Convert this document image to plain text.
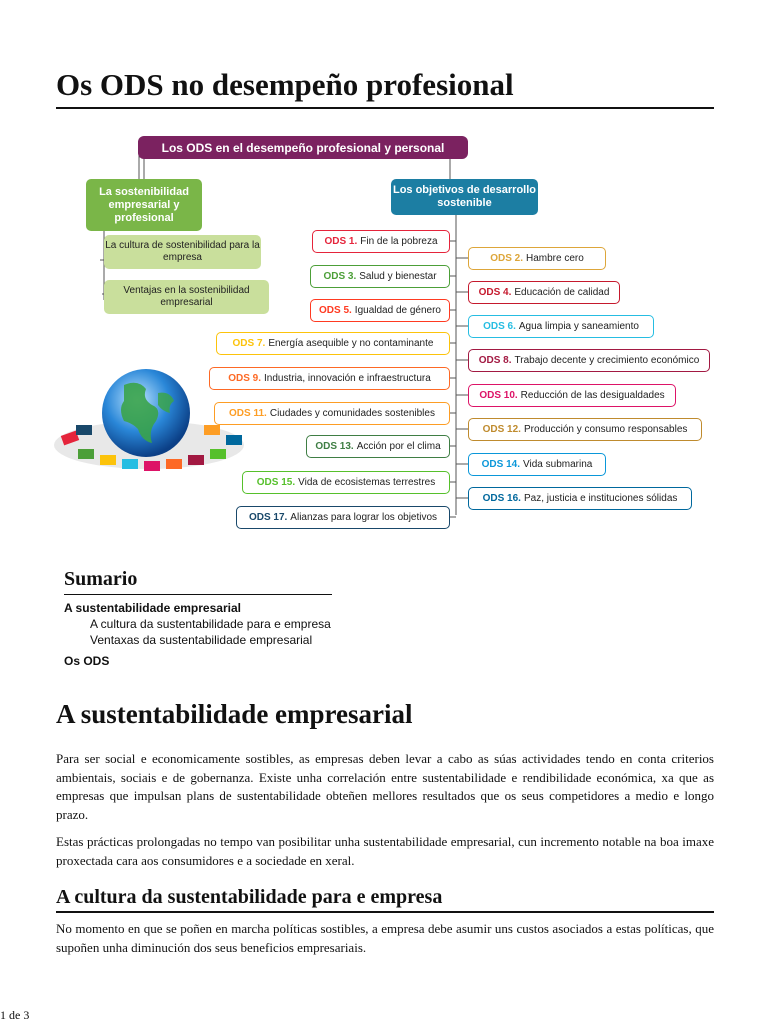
Os ODS no desempeño profesional
Los ODS en el desempeño profesional y personal
La sostenibilidad empresarial y profesional
La cultura de sostenibilidad para la empresa
Ventajas en la sostenibilidad empresarial
Los objetivos de desarrollo sostenible
ODS 1. Fin de la pobreza
ODS 2. Hambre cero
ODS 3. Salud y bienestar
ODS 4. Educación de calidad
ODS 5. Igualdad de género
ODS 6. Agua limpia y saneamiento
ODS 7. Energía asequible y no contaminante
ODS 8. Trabajo decente y crecimiento económico
ODS 9. Industria, innovación e infraestructura
ODS 10. Reducción de las desigualdades
ODS 11. Ciudades y comunidades sostenibles
ODS 12. Producción y consumo responsables
ODS 13. Acción por el clima
ODS 14. Vida submarina
ODS 15. Vida de ecosistemas terrestres
ODS 16. Paz, justicia e instituciones sólidas
ODS 17. Alianzas para lograr los objetivos
Sumario
A sustentabilidade empresarial
A cultura da sustentabilidade para e empresa
Ventaxas da sustentabilidade empresarial
Os ODS
A sustentabilidade empresarial

Para ser social e economicamente sostibles, as empresas deben levar a cabo as súas actividades tendo en conta criterios ambientais, sociais e de gobernanza. Existe unha correlación entre sustentabilidade e rendibilidade económica, xa que as empresas que impulsan plans de sustentabilidade obteñen mellores resultados que os seus competidores a medio e longo prazo.

Estas prácticas prolongadas no tempo van posibilitar unha sustentabilidade empresarial, cun incremento notable na boa imaxe proxectada cara aos consumidores e a sociedade en xeral.

A cultura da sustentabilidade para e empresa

No momento en que se poñen en marcha políticas sostibles, a empresa debe asumir uns custos asociados a estas políticas, que supoñen unha diminución dos seus beneficios empresariais.

1 de 3
